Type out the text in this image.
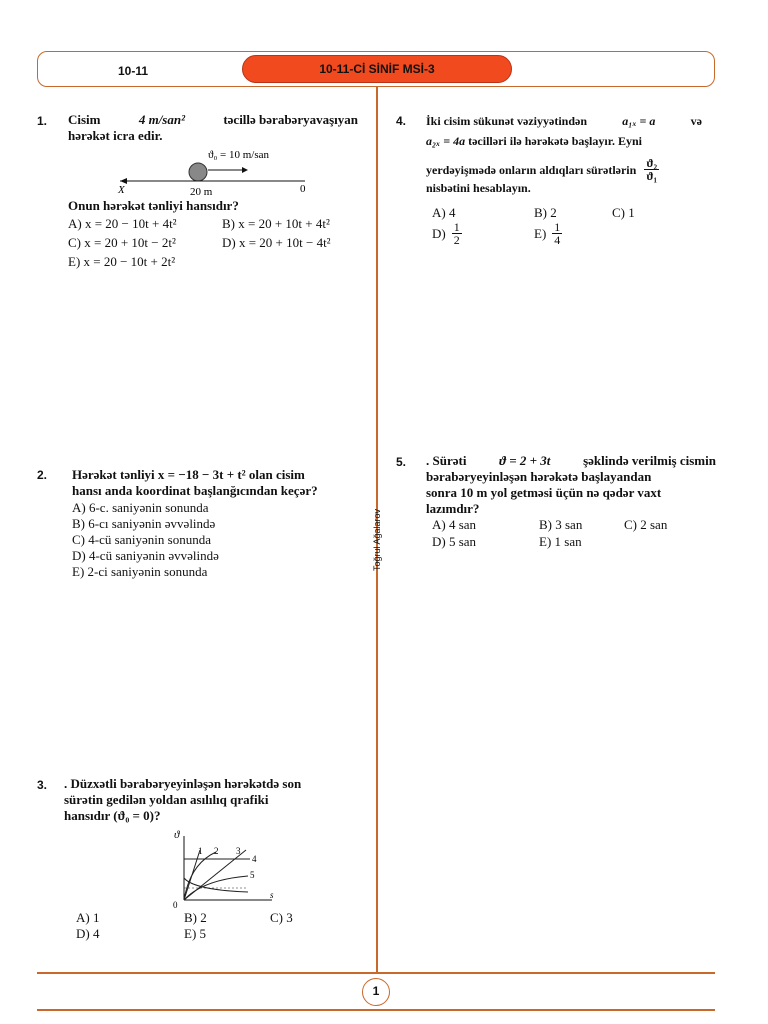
10-11	10-11-Cİ SİNİF MSİ-3
Toğrul Ağalarov
1. Cisim	4 m/san²	təcillə bərabəryavaşıyan
hərəkət icra edir.
ϑ₀ = 10 m/san
X	20 m	0
Onun hərəkət tənliyi hansıdır?
A) x = 20 − 10t + 4t²	B) x = 20 + 10t + 4t²
C) x = 20 + 10t − 2t²	D) x = 20 + 10t − 4t²
E) x = 20 − 10t + 2t²
2. Hərəkət tənliyi x = −18 − 3t + t² olan cisim
hansı anda koordinat başlanğıcından keçər?
A) 6-c. saniyənin sonunda
B) 6-cı saniyənin əvvəlində
C) 4-cü saniyənin sonunda
D) 4-cü saniyənin əvvəlində
E) 2-ci saniyənin sonunda
3. . Düzxətli bərabəryeyinləşən hərəkətdə son
sürətin gedilən yoldan asılılıq qrafiki
hansıdır (ϑ₀ = 0)?
ϑ
0
s
1 2 3
4
5
A) 1	B) 2	C) 3
D) 4	E) 5
4. İki cisim sükunət vəziyyətindən	a₁ₓ = a	və
a₂ₓ = 4a təcilləri ilə hərəkətə başlayır. Eyni
yerdəyişmədə onların aldıqları sürətlərin $\frac{\text{ϑ₂}}{\text{ϑ₁}}$
nisbətini hesablayın.
A) 4	B) 2	C) 1
$D) \frac{1}{2}$	$E) \frac{1}{4}$
5. . Sürəti	ϑ = 2 + 3t	şəklində verilmiş cismin
bərabəryeyinləşən hərəkətə başlayandan
sonra 10 m yol getməsi üçün nə qədər vaxt
lazımdır?
A) 4 san	B) 3 san	C) 2 san
D) 5 san	E) 1 san
1
